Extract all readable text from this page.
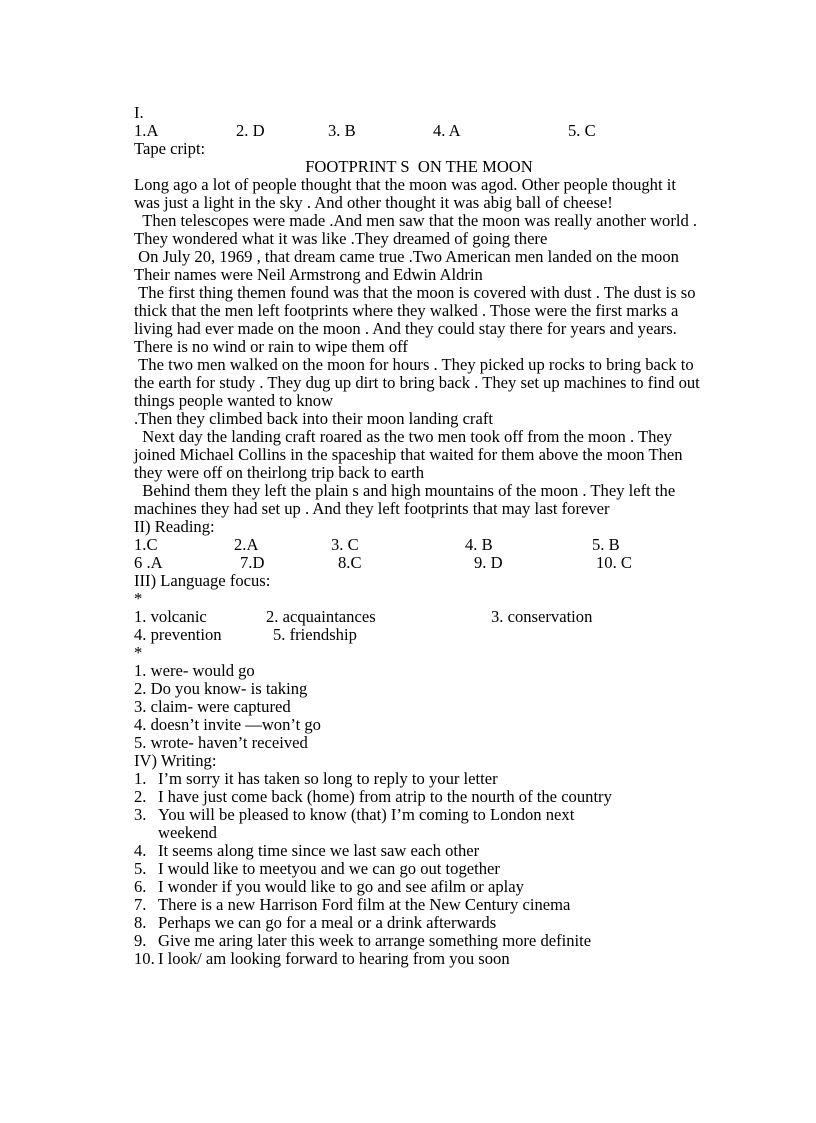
I.
1.A	2. D	3. B	4. A	5. C
Tape cript:
FOOTPRINT S  ON THE MOON
Long ago a lot of people thought that the moon was agod. Other people thought it was just a light in the sky . And other thought it was abig ball of cheese!
Then telescopes were made .And men saw that the moon was really another world . They wondered what it was like .They dreamed of going there
On July 20, 1969 , that dream came true .Two American men landed on the moon Their names were Neil Armstrong and Edwin Aldrin
The first thing themen found was that the moon is covered with dust . The dust is so thick that the men left footprints where they walked . Those were the first marks a living had ever made on the moon . And they could stay there for years and years. There is no wind or rain to wipe them off
The two men walked on the moon for hours . They picked up rocks to bring back to the earth for study . They dug up dirt to bring back . They set up machines to find out things people wanted to know
.Then they climbed back into their moon landing craft
Next day the landing craft roared as the two men took off from the moon . They joined Michael Collins in the spaceship that waited for them above the moon Then they were off on theirlong trip back to earth
Behind them they left the plain s and high mountains of the moon . They left the machines they had set up . And they left footprints that may last forever
II) Reading:
1.C	2.A	3. C	4. B	5. B
6 .A	7.D	8.C	9. D	10. C
III) Language focus:
*
1. volcanic	2. acquaintances	3. conservation
4. prevention	5. friendship
*
1. were- would go
2. Do you know- is taking
3. claim- were captured
4. doesn’t invite —won’t go
5. wrote- haven’t received
IV) Writing:
1. I’m sorry it has taken so long to reply to your letter
2. I have just come back (home) from atrip to the nourth of the country
3. You will be pleased to know (that) I’m coming to London next weekend
4. It seems along time since we last saw each other
5. I would like to meetyou and we can go out together
6. I wonder if you would like to go and see afilm or aplay
7. There is a new Harrison Ford film at the New Century cinema
8. Perhaps we can go for a meal or a drink afterwards
9. Give me aring later this week to arrange something more definite
10. I look/ am looking forward to hearing from you soon
